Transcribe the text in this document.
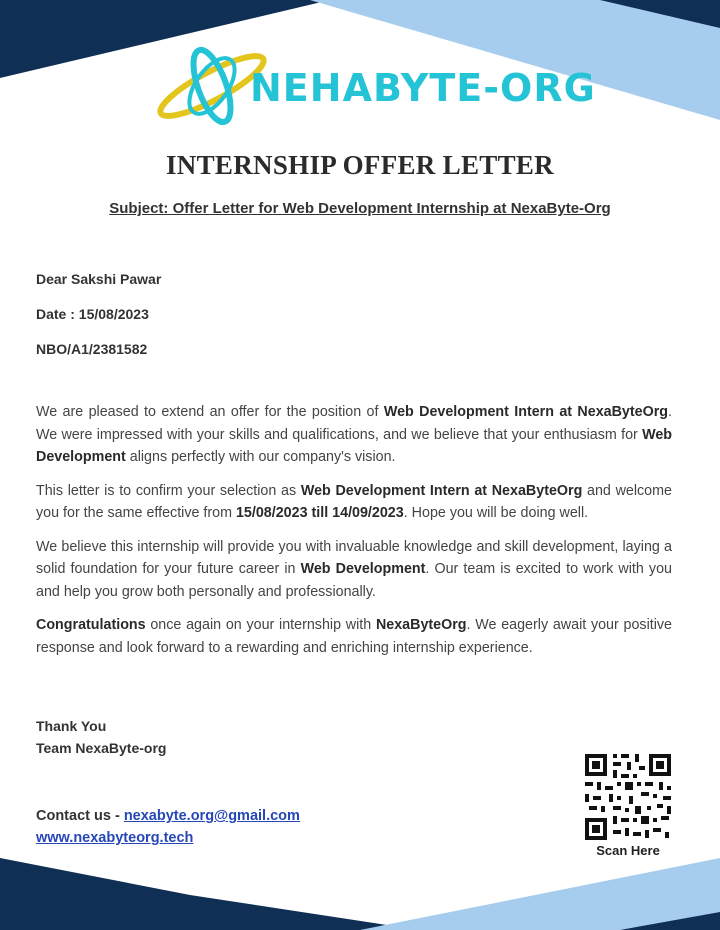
NEHABYTE-ORG
INTERNSHIP OFFER LETTER
Subject: Offer Letter for Web Development Internship at NexaByte-Org
Dear Sakshi Pawar
Date : 15/08/2023
NBO/A1/2381582

We are pleased to extend an offer for the position of Web Development Intern at NexaByteOrg. We were impressed with your skills and qualifications, and we believe that your enthusiasm for Web Development aligns perfectly with our company's vision.

This letter is to confirm your selection as Web Development Intern at NexaByteOrg and welcome you for the same effective from 15/08/2023 till 14/09/2023. Hope you will be doing well.

We believe this internship will provide you with invaluable knowledge and skill development, laying a solid foundation for your future career in Web Development. Our team is excited to work with you and help you grow both personally and professionally.

Congratulations once again on your internship with NexaByteOrg. We eagerly await your positive response and look forward to a rewarding and enriching internship experience.

Thank You
Team NexaByte-org
Contact us - nexabyte.org@gmail.com
www.nexabyteorg.tech
Scan Here
